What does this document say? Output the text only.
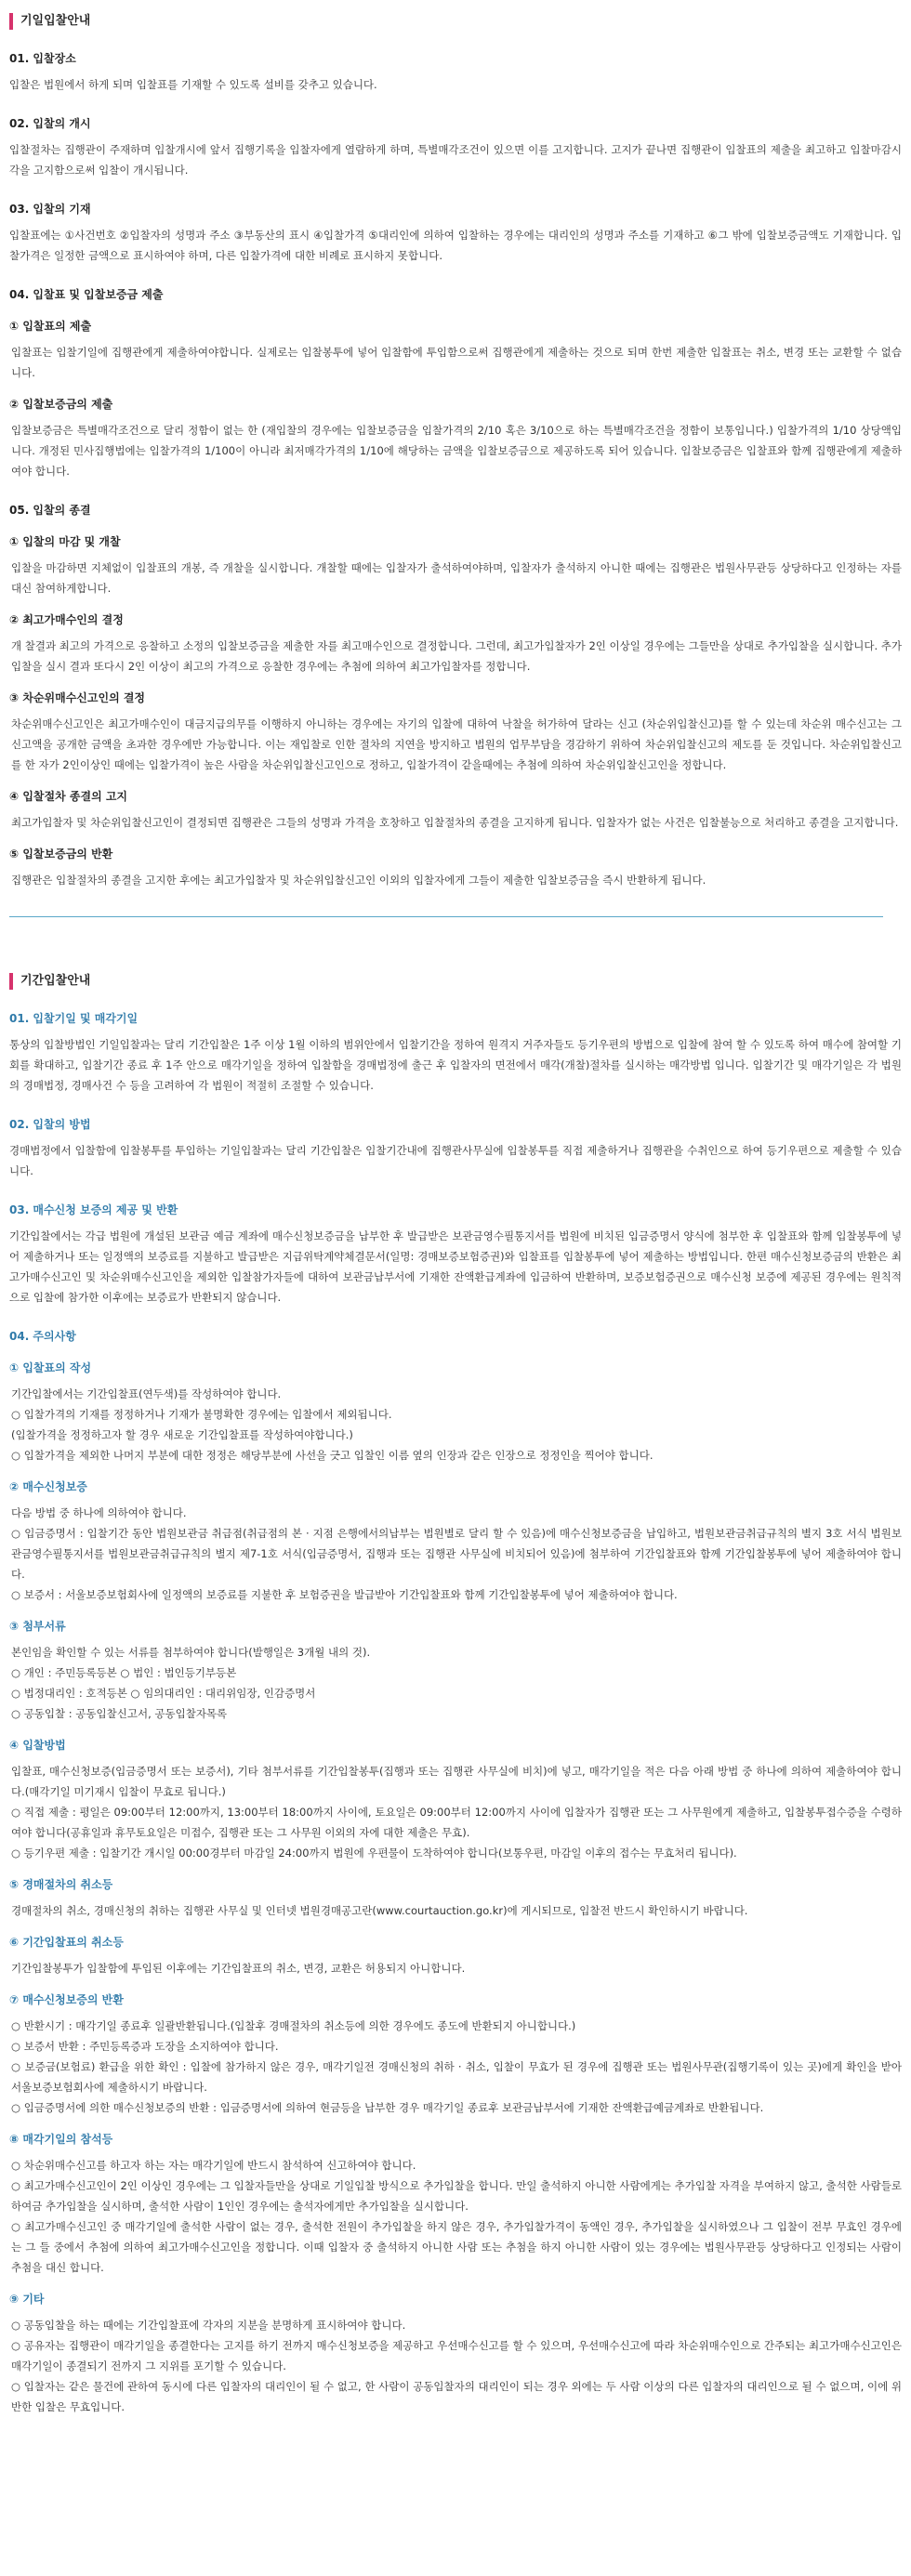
기일입찰안내
01. 입찰장소

입찰은 법원에서 하게 되며 입찰표를 기재할 수 있도록 설비를 갖추고 있습니다.

02. 입찰의 개시

입찰절차는 집행관이 주재하며 입찰개시에 앞서 집행기록을 입찰자에게 열람하게 하며, 특별매각조건이 있으면 이를 고지합니다. 고지가 끝나면 집행관이 입찰표의 제출을 최고하고 입찰마감시각을 고지함으로써 입찰이 개시됩니다.

03. 입찰의 기재

입찰표에는 ①사건번호 ②입찰자의 성명과 주소 ③부동산의 표시 ④입찰가격 ⑤대리인에 의하여 입찰하는 경우에는 대리인의 성명과 주소를 기재하고 ⑥그 밖에 입찰보증금액도 기재합니다. 입찰가격은 일정한 금액으로 표시하여야 하며, 다른 입찰가격에 대한 비례로 표시하지 못합니다.

04. 입찰표 및 입찰보증금 제출
① 입찰표의 제출

입찰표는 입찰기일에 집행관에게 제출하여야합니다. 실제로는 입찰봉투에 넣어 입찰함에 투입함으로써 집행관에게 제출하는 것으로 되며 한번 제출한 입찰표는 취소, 변경 또는 교환할 수 없습니다.

② 입찰보증금의 제출

입찰보증금은 특별매각조건으로 달리 정함이 없는 한 (재입찰의 경우에는 입찰보증금을 입찰가격의 2/10 혹은 3/10으로 하는 특별매각조건을 정함이 보통입니다.) 입찰가격의 1/10 상당액입니다. 개정된 민사집행법에는 입찰가격의 1/100이 아니라 최저매각가격의 1/10에 해당하는 금액을 입찰보증금으로 제공하도록 되어 있습니다. 입찰보증금은 입찰표와 함께 집행관에게 제출하여야 합니다.

05. 입찰의 종결
① 입찰의 마감 및 개찰

입찰을 마감하면 지체없이 입찰표의 개봉, 즉 개찰을 실시합니다. 개찰할 때에는 입찰자가 출석하여야하며, 입찰자가 출석하지 아니한 때에는 집행관은 법원사무관등 상당하다고 인정하는 자를 대신 참여하게합니다.

② 최고가매수인의 결정

개 찰결과 최고의 가격으로 응찰하고 소정의 입찰보증금을 제출한 자를 최고매수인으로 결정합니다. 그런데, 최고가입찰자가 2인 이상일 경우에는 그들만을 상대로 추가입찰을 실시합니다. 추가입찰을 실시 결과 또다시 2인 이상이 최고의 가격으로 응찰한 경우에는 추첨에 의하여 최고가입찰자를 정합니다.

③ 차순위매수신고인의 결정

차순위매수신고인은 최고가매수인이 대금지급의무를 이행하지 아니하는 경우에는 자기의 입찰에 대하여 낙찰을 허가하여 달라는 신고 (차순위입찰신고)를 할 수 있는데 차순위 매수신고는 그 신고액을 공개한 금액을 초과한 경우에만 가능합니다. 이는 재입찰로 인한 절차의 지연을 방지하고 법원의 업무부담을 경감하기 위하여 차순위입찰신고의 제도를 둔 것입니다. 차순위입찰신고를 한 자가 2인이상인 때에는 입찰가격이 높은 사람을 차순위입찰신고인으로 정하고, 입찰가격이 같을때에는 추첨에 의하여 차순위입찰신고인을 정합니다.

④ 입찰절차 종결의 고지

최고가입찰자 및 차순위입찰신고인이 결정되면 집행관은 그들의 성명과 가격을 호창하고 입찰절차의 종결을 고지하게 됩니다. 입찰자가 없는 사건은 입찰불능으로 처리하고 종결을 고지합니다.

⑤ 입찰보증금의 반환

집행관은 입찰절차의 종결을 고지한 후에는 최고가입찰자 및 차순위입찰신고인 이외의 입찰자에게 그들이 제출한 입찰보증금을 즉시 반환하게 됩니다.

기간입찰안내
01. 입찰기일 및 매각기일

통상의 입찰방법인 기일입찰과는 달리 기간입찰은 1주 이상 1월 이하의 범위안에서 입찰기간을 정하여 원격지 거주자들도 등기우편의 방법으로 입찰에 참여 할 수 있도록 하여 매수에 참여할 기회를 확대하고, 입찰기간 종료 후 1주 안으로 매각기일을 정하여 입찰함을 경매법정에 출근 후 입찰자의 면전에서 매각(개찰)절차를 실시하는 매각방법 입니다. 입찰기간 및 매각기일은 각 법원의 경매법정, 경매사건 수 등을 고려하여 각 법원이 적절히 조절할 수 있습니다.

02. 입찰의 방법

경매법정에서 입찰함에 입찰봉투를 투입하는 기일입찰과는 달리 기간입찰은 입찰기간내에 집행관사무실에 입찰봉투를 직접 제출하거나 집행관을 수취인으로 하여 등기우편으로 제출할 수 있습니다.

03. 매수신청 보증의 제공 및 반환

기간입찰에서는 각급 법원에 개설된 보관금 예금 계좌에 매수신청보증금을 납부한 후 발급받은 보관금영수필통지서를 법원에 비치된 입금증명서 양식에 첨부한 후 입찰표와 함께 입찰봉투에 넣어 제출하거나 또는 일정액의 보증료를 지불하고 발급받은 지급위탁계약체결문서(일명: 경매보증보험증권)와 입찰표를 입찰봉투에 넣어 제출하는 방법입니다. 한편 매수신청보증금의 반환은 최고가매수신고인 및 차순위매수신고인을 제외한 입찰참가자들에 대하여 보관금납부서에 기재한 잔액환급계좌에 입금하여 반환하며, 보증보험증권으로 매수신청 보증에 제공된 경우에는 원칙적으로 입찰에 참가한 이후에는 보증료가 반환되지 않습니다.

04. 주의사항
① 입찰표의 작성

기간입찰에서는 기간입찰표(연두색)를 작성하여야 합니다.

○ 입찰가격의 기재를 정정하거나 기재가 불명확한 경우에는 입찰에서 제외됩니다.

(입찰가격을 정정하고자 할 경우 새로운 기간입찰표를 작성하여야합니다.)

○ 입찰가격을 제외한 나머지 부분에 대한 정정은 해당부분에 사선을 긋고 입찰인 이름 옆의 인장과 같은 인장으로 정정인을 찍어야 합니다.

② 매수신청보증

다음 방법 중 하나에 의하여야 합니다.

○ 입금증명서 : 입찰기간 동안 법원보관금 취급점(취급점의 본 · 지점 은행에서의납부는 법원별로 달리 할 수 있음)에 매수신청보증금을 납입하고, 법원보관금취급규칙의 별지 3호 서식 법원보관금영수필통지서를 법원보관금취급규칙의 별지 제7-1호 서식(입금증명서, 집행과 또는 집행관 사무실에 비치되어 있음)에 첨부하여 기간입찰표와 함께 기간입찰봉투에 넣어 제출하여야 합니다.

○ 보증서 : 서울보증보험회사에 일정액의 보증료를 지불한 후 보험증권을 발급받아 기간입찰표와 함께 기간입찰봉투에 넣어 제출하여야 합니다.

③ 첨부서류

본인임을 확인할 수 있는 서류를 첨부하여야 합니다(발행일은 3개월 내의 것).

○ 개인 : 주민등록등본 ○ 법인 : 법인등기부등본

○ 법정대리인 : 호적등본 ○ 임의대리인 : 대리위임장, 인감증명서

○ 공동입찰 : 공동입찰신고서, 공동입찰자목록

④ 입찰방법

입찰표, 매수신청보증(입금증명서 또는 보증서), 기타 첨부서류를 기간입찰봉투(집행과 또는 집행관 사무실에 비치)에 넣고, 매각기일을 적은 다음 아래 방법 중 하나에 의하여 제출하여야 합니다.(매각기일 미기재시 입찰이 무효로 됩니다.)

○ 직접 제출 : 평일은 09:00부터 12:00까지, 13:00부터 18:00까지 사이에, 토요일은 09:00부터 12:00까지 사이에 입찰자가 집행관 또는 그 사무원에게 제출하고, 입찰봉투접수증을 수령하여야 합니다(공휴일과 휴무토요일은 미접수, 집행관 또는 그 사무원 이외의 자에 대한 제출은 무효).

○ 등기우편 제출 : 입찰기간 개시일 00:00경부터 마감일 24:00까지 법원에 우편물이 도착하여야 합니다(보통우편, 마감일 이후의 접수는 무효처리 됩니다).

⑤ 경매절차의 취소등

경매절차의 취소, 경매신청의 취하는 집행관 사무실 및 인터넷 법원경매공고란(www.courtauction.go.kr)에 게시되므로, 입찰전 반드시 확인하시기 바랍니다.

⑥ 기간입찰표의 취소등

기간입찰봉투가 입찰함에 투입된 이후에는 기간입찰표의 취소, 변경, 교환은 허용되지 아니합니다.

⑦ 매수신청보증의 반환

○ 반환시기 : 매각기일 종료후 일괄반환됩니다.(입찰후 경매절차의 취소등에 의한 경우에도 종도에 반환되지 아니합니다.)

○ 보증서 반환 : 주민등록증과 도장을 소지하여야 합니다.

○ 보증금(보험료) 환급을 위한 확인 : 입찰에 참가하지 않은 경우, 매각기일전 경매신청의 취하 · 취소, 입찰이 무효가 된 경우에 집행관 또는 법원사무관(집행기록이 있는 곳)에게 확인을 받아 서울보증보험회사에 제출하시기 바랍니다.

○ 입금증명서에 의한 매수신청보증의 반환 : 입금증명서에 의하여 현금등을 납부한 경우 매각기일 종료후 보관금납부서에 기재한 잔액환급예금계좌로 반환됩니다.

⑧ 매각기일의 참석등

○ 차순위매수신고를 하고자 하는 자는 매각기일에 반드시 참석하여 신고하여야 합니다.

○ 최고가매수신고인이 2인 이상인 경우에는 그 입찰자들만을 상대로 기일입찰 방식으로 추가입찰을 합니다. 만일 출석하지 아니한 사람에게는 추가입찰 자격을 부여하지 않고, 출석한 사람들로 하여금 추가입찰을 실시하며, 출석한 사람이 1인인 경우에는 출석자에게만 추가입찰을 실시합니다.

○ 최고가매수신고인 중 매각기일에 출석한 사람이 없는 경우, 출석한 전원이 추가입찰을 하지 않은 경우, 추가입찰가격이 동액인 경우, 추가입찰을 실시하였으나 그 입찰이 전부 무효인 경우에는 그 들 중에서 추첨에 의하여 최고가매수신고인을 정합니다. 이때 입찰자 중 출석하지 아니한 사람 또는 추첨을 하지 아니한 사람이 있는 경우에는 법원사무관등 상당하다고 인정되는 사람이 추첨을 대신 합니다.

⑨ 기타

○ 공동입찰을 하는 때에는 기간입찰표에 각자의 지분을 분명하게 표시하여야 합니다.

○ 공유자는 집행관이 매각기일을 종결한다는 고지를 하기 전까지 매수신청보증을 제공하고 우선매수신고를 할 수 있으며, 우선매수신고에 따라 차순위매수인으로 간주되는 최고가매수신고인은 매각기일이 종결되기 전까지 그 지위를 포기할 수 있습니다.

○ 입찰자는 같은 물건에 관하여 동시에 다른 입찰자의 대리인이 될 수 없고, 한 사람이 공동입찰자의 대리인이 되는 경우 외에는 두 사람 이상의 다른 입찰자의 대리인으로 될 수 없으며, 이에 위반한 입찰은 무효입니다.
